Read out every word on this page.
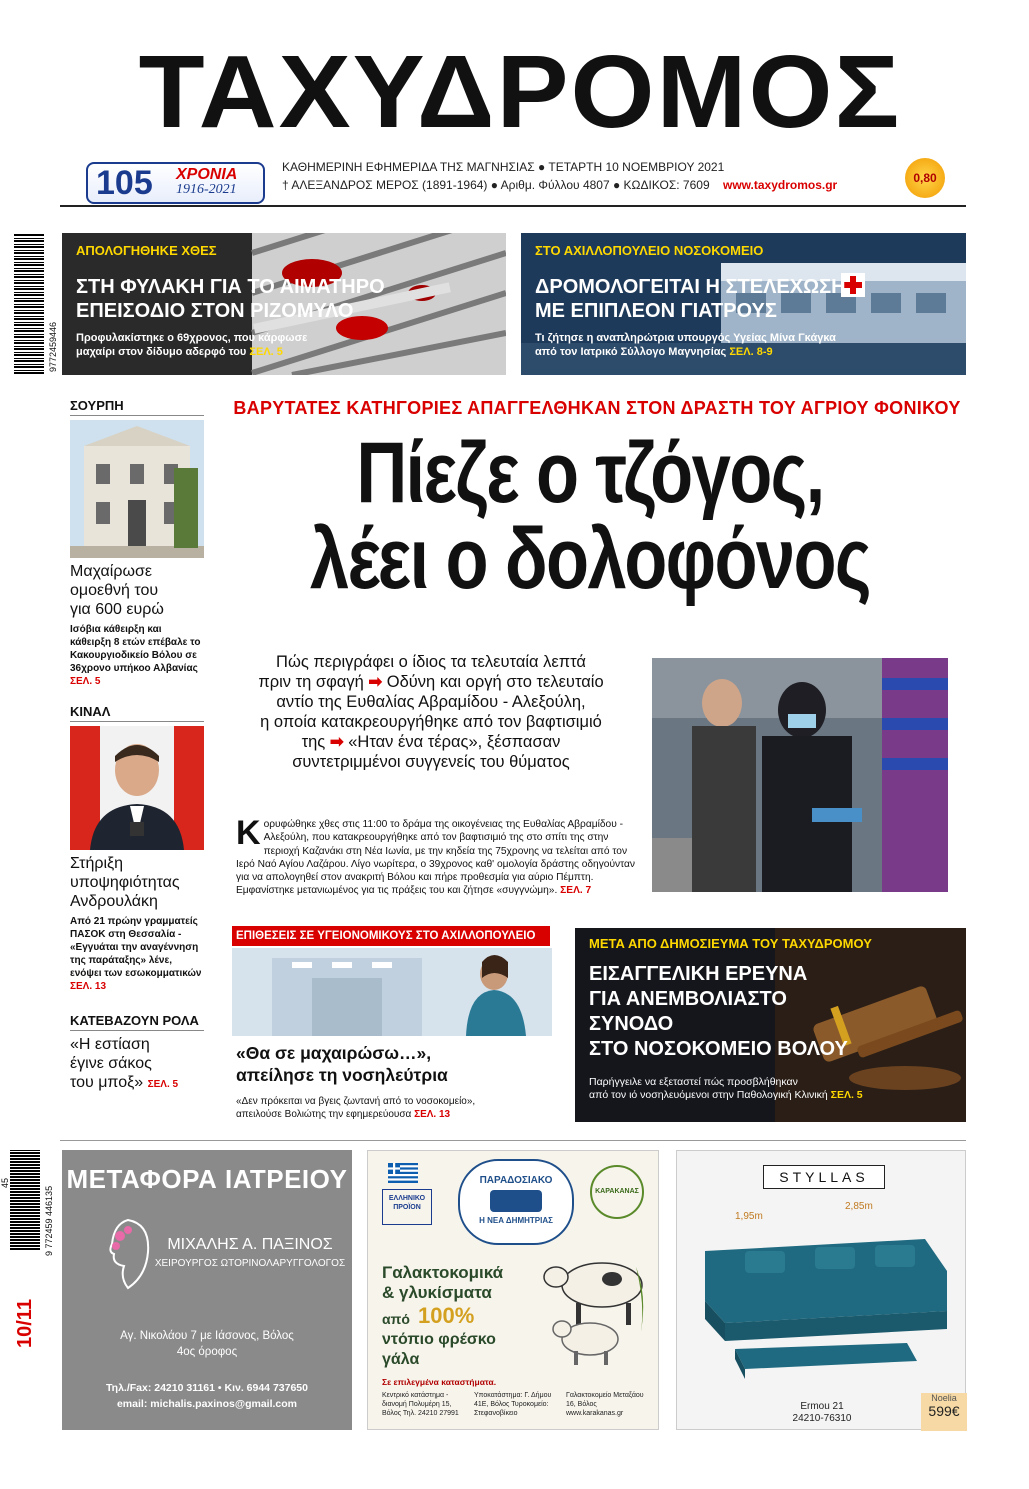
ΤΑΧΥΔΡΟΜΟΣ
105 ΧΡΟΝΙΑ
1916-2021
ΚΑΘΗΜΕΡΙΝΗ ΕΦΗΜΕΡΙΔΑ ΤΗΣ ΜΑΓΝΗΣΙΑΣ ● ΤΕΤΑΡΤΗ 10 ΝΟΕΜΒΡΙΟΥ 2021
† ΑΛΕΞΑΝΔΡΟΣ ΜΕΡΟΣ (1891-1964) ● Αριθμ. Φύλλου 4807 ● ΚΩΔΙΚΟΣ: 7609 www.taxydromos.gr	0,80
9772459446
ΑΠΟΛΟΓΗΘΗΚΕ ΧΘΕΣ
ΣΤΗ ΦΥΛΑΚΗ ΓΙΑ ΤΟ ΑΙΜΑΤΗΡΟ
ΕΠΕΙΣΟΔΙΟ ΣΤΟΝ ΡΙΖΟΜΥΛΟ
Προφυλακίστηκε ο 69χρονος, που κάρφωσε
μαχαίρι στον δίδυμο αδερφό του ΣΕΛ. 5
ΣΤΟ ΑΧΙΛΛΟΠΟΥΛΕΙΟ ΝΟΣΟΚΟΜΕΙΟ
ΔΡΟΜΟΛΟΓΕΙΤΑΙ Η ΣΤΕΛΕΧΩΣΗ
ΜΕ ΕΠΙΠΛΕΟΝ ΓΙΑΤΡΟΥΣ
Τι ζήτησε η αναπληρώτρια υπουργός Υγείας Μίνα Γκάγκα
από τον Ιατρικό Σύλλογο Μαγνησίας ΣΕΛ. 8-9
ΣΟΥΡΠΗ
Μαχαίρωσε
ομοεθνή του
για 600 ευρώ
Ισόβια κάθειρξη και κάθειρξη 8 ετών επέβαλε το Κακουργιοδικείο Βόλου σε 36χρονο υπήκοο Αλβανίας
ΣΕΛ. 5
ΚΙΝΑΛ
Στήριξη
υποψηφιότητας
Ανδρουλάκη
Από 21 πρώην γραμματείς ΠΑΣΟΚ στη Θεσσαλία - «Εγγυάται την αναγέννηση της παράταξης» λένε, ενόψει των εσωκομματικών ΣΕΛ. 13
ΚΑΤΕΒΑΖΟΥΝ ΡΟΛΑ
«Η εστίαση
έγινε σάκος
του μποξ» ΣΕΛ. 5
ΒΑΡΥΤΑΤΕΣ ΚΑΤΗΓΟΡΙΕΣ ΑΠΑΓΓΕΛΘΗΚΑΝ ΣΤΟΝ ΔΡΑΣΤΗ ΤΟΥ ΑΓΡΙΟΥ ΦΟΝΙΚΟΥ
Πίεζε ο τζόγος,
λέει ο δολοφόνος
Πώς περιγράφει ο ίδιος τα τελευταία λεπτά
πριν τη σφαγή ➡ Οδύνη και οργή στο τελευταίο
αντίο της Ευθαλίας Αβραμίδου - Αλεξούλη,
η οποία κατακρεουργήθηκε από τον βαφτισιμιό
της ➡ «Ηταν ένα τέρας», ξέσπασαν
συντετριμμένοι συγγενείς του θύματος
Κορυφώθηκε χθες στις 11:00 το δράμα της οικογένειας της Ευθαλίας Αβραμίδου - Αλεξούλη, που κατακρεουργήθηκε από τον βαφτισιμιό της στο σπίτι της στην περιοχή Καζανάκι στη Νέα Ιωνία, με την κηδεία της 75χρονης να τελείται από τον Ιερό Ναό Αγίου Λαζάρου. Λίγο νωρίτερα, ο 39χρονος καθ' ομολογία δράστης οδηγούνταν για να απολογηθεί στον ανακριτή Βόλου και πήρε προθεσμία για αύριο Πέμπτη. Εμφανίστηκε μετανιωμένος για τις πράξεις του και ζήτησε «συγγνώμη». ΣΕΛ. 7
ΕΠΙΘΕΣΕΙΣ ΣΕ ΥΓΕΙΟΝΟΜΙΚΟΥΣ ΣΤΟ ΑΧΙΛΛΟΠΟΥΛΕΙΟ
«Θα σε μαχαιρώσω…»,
απείλησε τη νοσηλεύτρια
«Δεν πρόκειται να βγεις ζωντανή από το νοσοκομείο»,
απειλούσε Βολιώτης την εφημερεύουσα ΣΕΛ. 13
ΜΕΤΑ ΑΠΟ ΔΗΜΟΣΙΕΥΜΑ ΤΟΥ ΤΑΧΥΔΡΟΜΟΥ
ΕΙΣΑΓΓΕΛΙΚΗ ΕΡΕΥΝΑ
ΓΙΑ ΑΝΕΜΒΟΛΙΑΣΤΟ
ΣΥΝΟΔΟ
ΣΤΟ ΝΟΣΟΚΟΜΕΙΟ ΒΟΛΟΥ
Παρήγγειλε να εξεταστεί πώς προσβλήθηκαν
από τον ιό νοσηλευόμενοι στην Παθολογική Κλινική ΣΕΛ. 5
ΜΕΤΑΦΟΡΑ ΙΑΤΡΕΙΟΥ
ΜΙΧΑΛΗΣ Α. ΠΑΞΙΝΟΣ
ΧΕΙΡΟΥΡΓΟΣ ΩΤΟΡΙΝΟΛΑΡΥΓΓΟΛΟΓΟΣ
Αγ. Νικολάου 7 με Ιάσονος, Βόλος
4ος όροφος
Τηλ./Fax: 24210 31161 • Κιν. 6944 737650
email: michalis.paxinos@gmail.com
ΕΛΛΗΝΙΚΟ ΠΡΟΪΟΝ
ΠΑΡΑΔΟΣΙΑΚΟ
Η ΝΕΑ ΔΗΜΗΤΡΙΑΣ
ΚΑΡΑΚΑΝΑΣ
Γαλακτοκομικά
& γλυκίσματα
από 100%
ντόπιο φρέσκο
γάλα
Σε επιλεγμένα καταστήματα.
Κεντρικό κατάστημα - διανομή Πολυμέρη 15, Βόλος Τηλ. 24210 27991
Υποκατάστημα: Γ. Δήμου 41Ε, Βόλος Τυροκομείο: Στεφανοβίκειο
Γαλακτοκομείο Μεταξάου 16, Βόλος www.karakanas.gr
STYLLAS
1,95m
2,85m
Ermou 21
24210-76310
Noelia
599€
45
9 772459 446135
10/11
